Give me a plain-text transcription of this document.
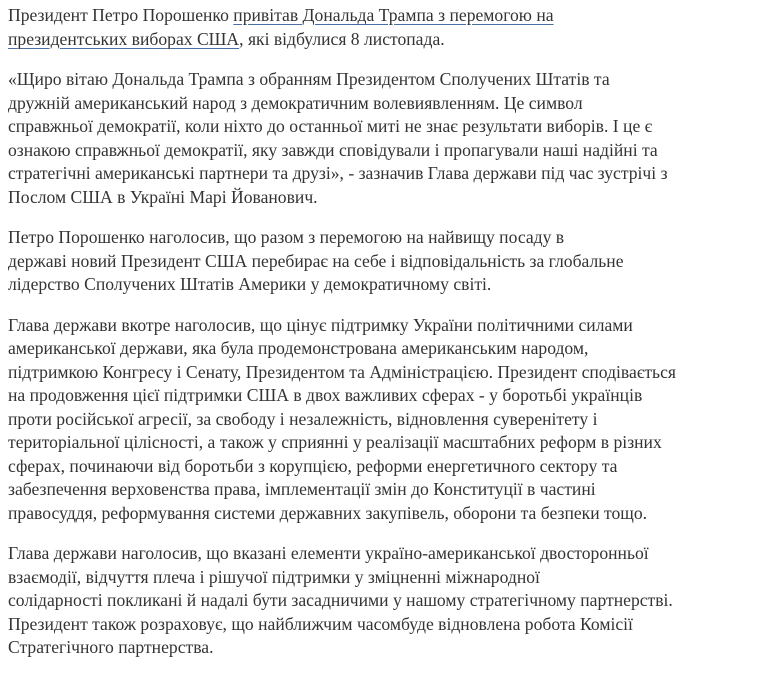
Президент Петро Порошенко привітав Дональда Трампа з перемогою на
президентських виборах США, які відбулися 8 листопада.

«Щиро вітаю Дональда Трампа з обранням Президентом Сполучених Штатів та
дружній американський народ з демократичним волевиявленням. Це символ
справжньої демократії, коли ніхто до останньої миті не знає результати виборів. І це є
ознакою справжньої демократії, яку завжди сповідували і пропагували наші надійні та
стратегічні американські партнери та друзі», - зазначив Глава держави під час зустрічі з
Послом США в Україні Марі Йованович.

Петро Порошенко наголосив, що разом з перемогою на найвищу посаду в
державі новий Президент США перебирає на себе і відповідальність за глобальне
лідерство Сполучених Штатів Америки у демократичному світі.

Глава держави вкотре наголосив, що цінує підтримку України політичними силами
американської держави, яка була продемонстрована американським народом,
підтримкою Конгресу і Сенату, Президентом та Адміністрацією. Президент сподівається
на продовження цієї підтримки США в двох важливих сферах - у боротьбі українців
проти російської агресії, за свободу і незалежність, відновлення суверенітету і
територіальної цілісності, а також у сприянні у реалізації масштабних реформ в різних
сферах, починаючи від боротьби з корупцією, реформи енергетичного сектору та
забезпечення верховенства права, імплементації змін до Конституції в частині
правосуддя, реформування системи державних закупівель, оборони та безпеки тощо.

Глава держави наголосив, що вказані елементи україно-американської двосторонньої
взаємодії, відчуття плеча і рішучої підтримки у зміцненні міжнародної
солідарності покликані й надалі бути засадничими у нашому стратегічному партнерстві.
Президент також розраховує, що найближчим часомбуде відновлена робота Комісії
Стратегічного партнерства.
